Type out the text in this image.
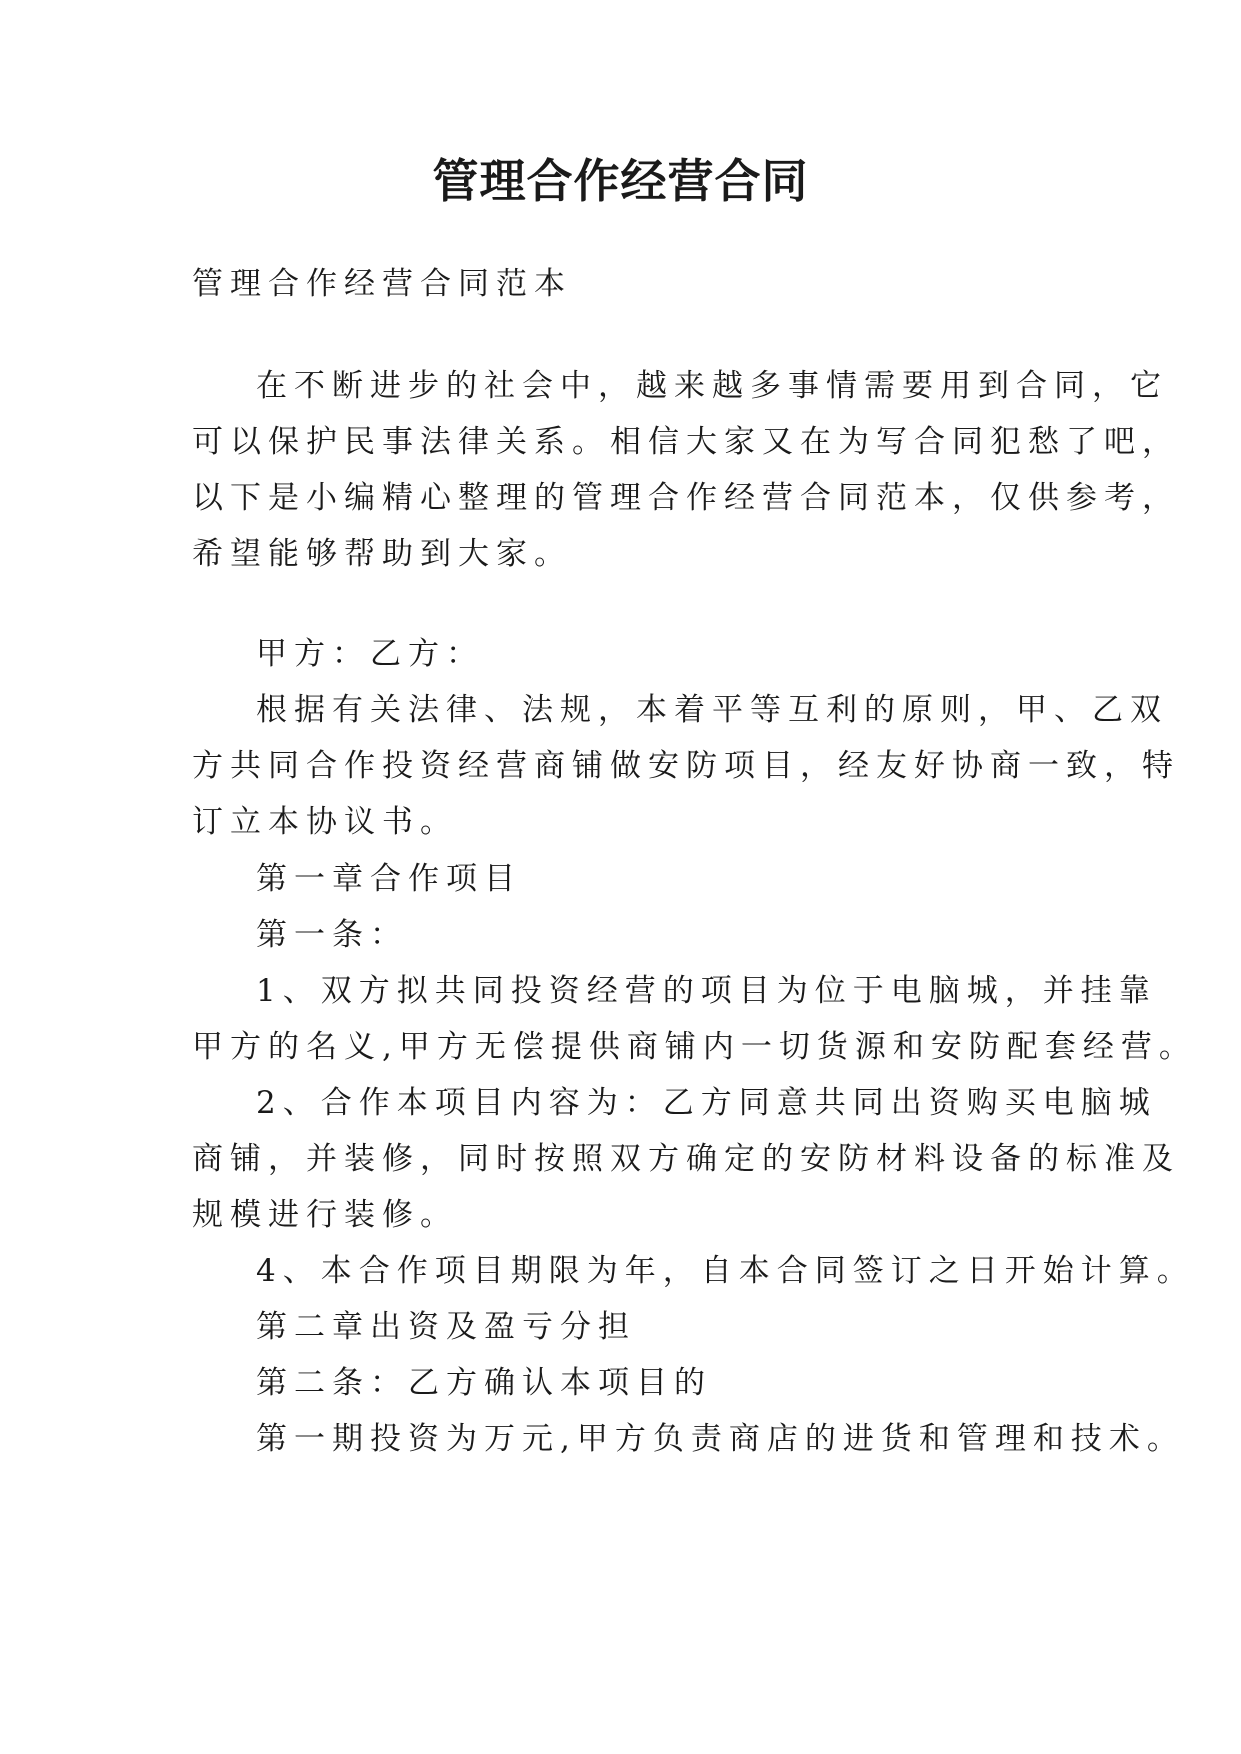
管理合作经营合同
管理合作经营合同范本
在不断进步的社会中，越来越多事情需要用到合同，它
可以保护民事法律关系。相信大家又在为写合同犯愁了吧，
以下是小编精心整理的管理合作经营合同范本，仅供参考，
希望能够帮助到大家。
甲方：乙方：
根据有关法律、法规，本着平等互利的原则，甲、乙双
方共同合作投资经营商铺做安防项目，经友好协商一致，特
订立本协议书。
第一章合作项目
第一条：
1、双方拟共同投资经营的项目为位于电脑城，并挂靠
甲方的名义,甲方无偿提供商铺内一切货源和安防配套经营。
2、合作本项目内容为：乙方同意共同出资购买电脑城
商铺，并装修，同时按照双方确定的安防材料设备的标准及
规模进行装修。
4、本合作项目期限为年，自本合同签订之日开始计算。
第二章出资及盈亏分担
第二条：乙方确认本项目的
第一期投资为万元,甲方负责商店的进货和管理和技术。
